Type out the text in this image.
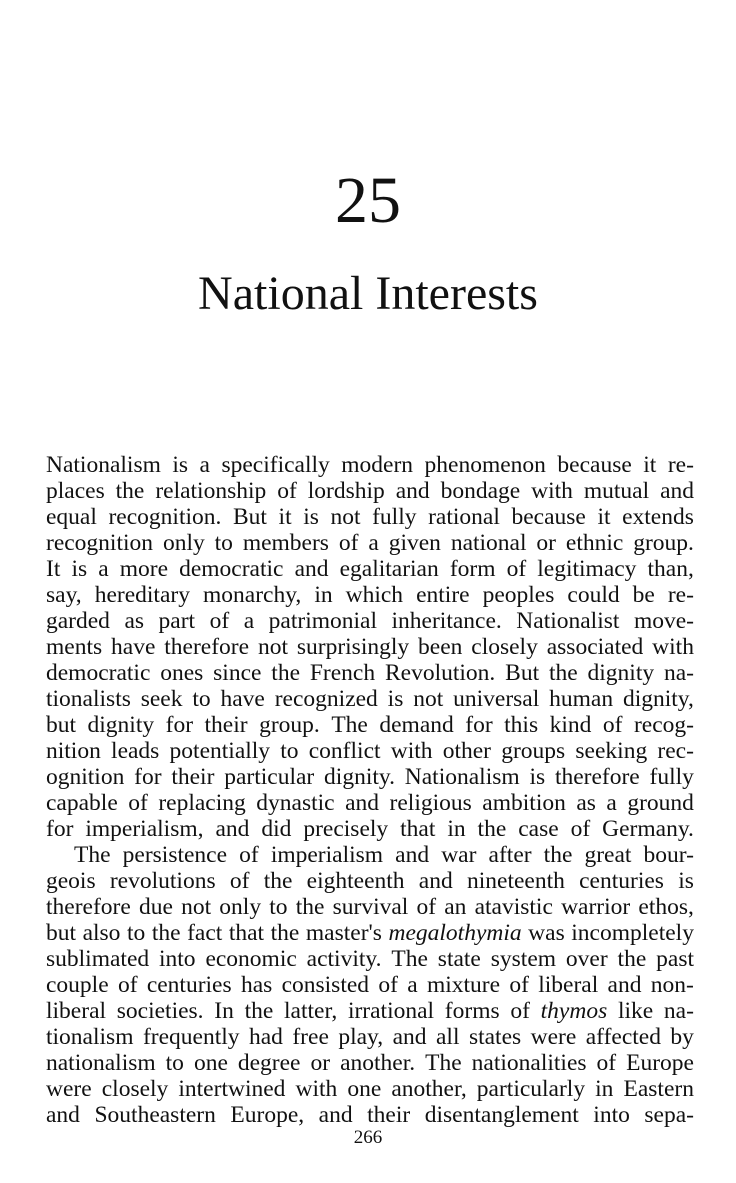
25
National Interests
Nationalism is a specifically modern phenomenon because it re-
places the relationship of lordship and bondage with mutual and
equal recognition. But it is not fully rational because it extends
recognition only to members of a given national or ethnic group.
It is a more democratic and egalitarian form of legitimacy than,
say, hereditary monarchy, in which entire peoples could be re-
garded as part of a patrimonial inheritance. Nationalist move-
ments have therefore not surprisingly been closely associated with
democratic ones since the French Revolution. But the dignity na-
tionalists seek to have recognized is not universal human dignity,
but dignity for their group. The demand for this kind of recog-
nition leads potentially to conflict with other groups seeking rec-
ognition for their particular dignity. Nationalism is therefore fully
capable of replacing dynastic and religious ambition as a ground
for imperialism, and did precisely that in the case of Germany.
The persistence of imperialism and war after the great bour-
geois revolutions of the eighteenth and nineteenth centuries is
therefore due not only to the survival of an atavistic warrior ethos,
but also to the fact that the master's megalothymia was incompletely
sublimated into economic activity. The state system over the past
couple of centuries has consisted of a mixture of liberal and non-
liberal societies. In the latter, irrational forms of thymos like na-
tionalism frequently had free play, and all states were affected by
nationalism to one degree or another. The nationalities of Europe
were closely intertwined with one another, particularly in Eastern
and Southeastern Europe, and their disentanglement into sepa-
266
